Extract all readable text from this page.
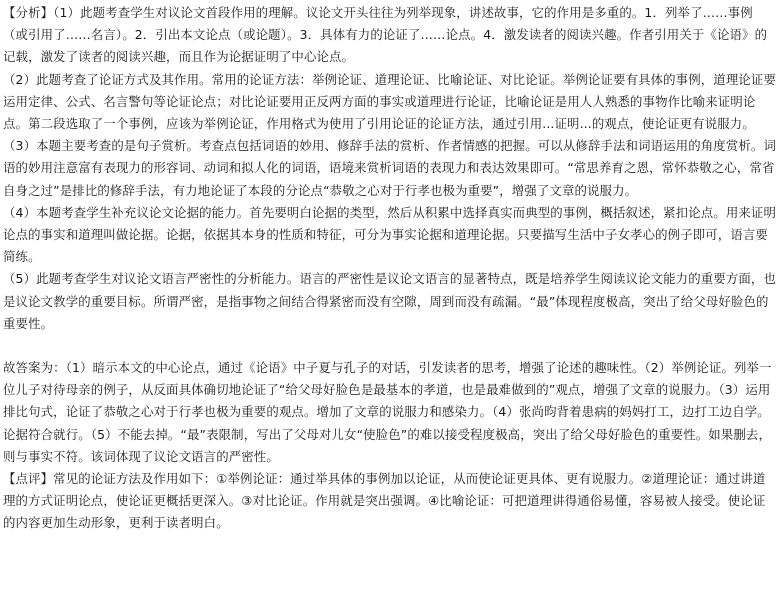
【分析】（1）此题考查学生对议论文首段作用的理解。议论文开头往往为列举现象，讲述故事，它的作用是多重的。1．列举了……事例（或引用了……名言）。2．引出本文论点（或论题）。3．具体有力的论证了……论点。4．激发读者的阅读兴趣。作者引用关于《论语》的记载，激发了读者的阅读兴趣，而且作为论据证明了中心论点。

（2）此题考查了论证方式及其作用。常用的论证方法：举例论证、道理论证、比喻论证、对比论证。举例论证要有具体的事例，道理论证要运用定律、公式、名言警句等论证论点；对比论证要用正反两方面的事实或道理进行论证，比喻论证是用人人熟悉的事物作比喻来证明论点。第二段选取了一个事例，应该为举例论证，作用格式为使用了引用论证的论证方法，通过引用...证明...的观点，使论证更有说服力。

（3）本题主要考查的是句子赏析。考查点包括词语的妙用、修辞手法的赏析、作者情感的把握。可以从修辞手法和词语运用的角度赏析。词语的妙用注意富有表现力的形容词、动词和拟人化的词语，语境来赏析词语的表现力和表达效果即可。“常思养育之恩，常怀恭敬之心，常省自身之过”是排比的修辞手法，有力地论证了本段的分论点“恭敬之心对于行孝也极为重要”，增强了文章的说服力。

（4）本题考查学生补充议论文论据的能力。首先要明白论据的类型，然后从积累中选择真实而典型的事例，概括叙述，紧扣论点。用来证明论点的事实和道理叫做论据。论据，依据其本身的性质和特征，可分为事实论据和道理论据。只要描写生活中子女孝心的例子即可，语言要简练。

（5）此题考查学生对议论文语言严密性的分析能力。语言的严密性是议论文语言的显著特点，既是培养学生阅读议论文能力的重要方面，也是议论文教学的重要目标。所谓严密，是指事物之间结合得紧密而没有空隙，周到而没有疏漏。“最”体现程度极高，突出了给父母好脸色的重要性。

故答案为：（1）暗示本文的中心论点，通过《论语》中子夏与孔子的对话，引发读者的思考，增强了论述的趣味性。（2）举例论证。列举一位儿子对待母亲的例子，从反面具体确切地论证了“给父母好脸色是最基本的孝道，也是最难做到的”观点，增强了文章的说服力。（3）运用排比句式，论证了恭敬之心对于行孝也极为重要的观点。增加了文章的说服力和感染力。（4）张尚昀背着患病的妈妈打工，边打工边自学。论据符合就行。（5）不能去掉。“最”表限制，写出了父母对儿女“使脸色”的难以接受程度极高，突出了给父母好脸色的重要性。如果删去，则与事实不符。该词体现了议论文语言的严密性。

【点评】常见的论证方法及作用如下：①举例论证：通过举具体的事例加以论证，从而使论证更具体、更有说服力。②道理论证：通过讲道理的方式证明论点，使论证更概括更深入。③对比论证。作用就是突出强调。④比喻论证：可把道理讲得通俗易懂，容易被人接受。使论证的内容更加生动形象，更利于读者明白。
